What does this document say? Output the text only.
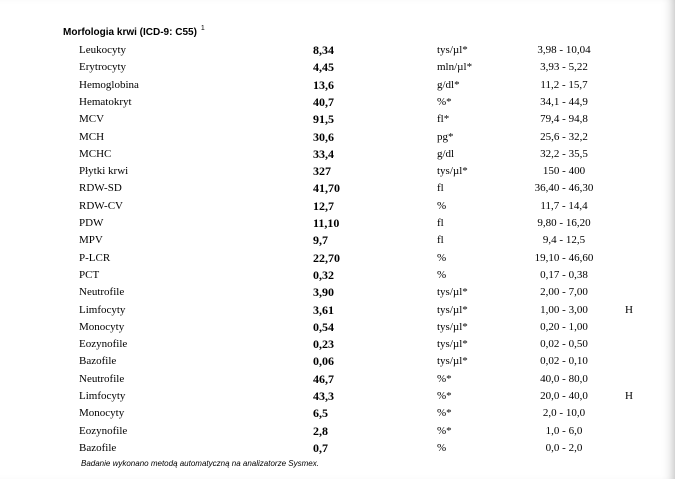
Morfologia krwi (ICD-9: C55) $^1$
Leukocyty	8,34	tys/µl*	3,98 - 10,04
Erytrocyty	4,45	mln/µl*	3,93 - 5,22
Hemoglobina	13,6	g/dl*	11,2 - 15,7
Hematokryt	40,7	%*	34,1 - 44,9
MCV	91,5	fl*	79,4 - 94,8
MCH	30,6	pg*	25,6 - 32,2
MCHC	33,4	g/dl	32,2 - 35,5
Płytki krwi	327	tys/µl*	150 - 400
RDW-SD	41,70	fl	36,40 - 46,30
RDW-CV	12,7	%	11,7 - 14,4
PDW	11,10	fl	9,80 - 16,20
MPV	9,7	fl	9,4 - 12,5
P-LCR	22,70	%	19,10 - 46,60
PCT	0,32	%	0,17 - 0,38
Neutrofile	3,90	tys/µl*	2,00 - 7,00
Limfocyty	3,61	tys/µl*	1,00 - 3,00	H
Monocyty	0,54	tys/µl*	0,20 - 1,00
Eozynofile	0,23	tys/µl*	0,02 - 0,50
Bazofile	0,06	tys/µl*	0,02 - 0,10
Neutrofile	46,7	%*	40,0 - 80,0
Limfocyty	43,3	%*	20,0 - 40,0	H
Monocyty	6,5	%*	2,0 - 10,0
Eozynofile	2,8	%*	1,0 - 6,0
Bazofile	0,7	%	0,0 - 2,0
Badanie wykonano metodą automatyczną na analizatorze Sysmex.
